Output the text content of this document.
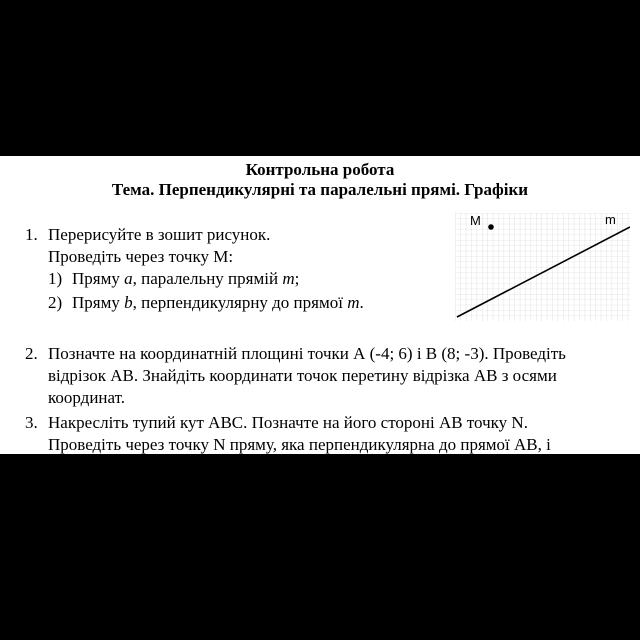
Контрольна робота
Тема. Перпендикулярні та паралельні прямі. Графіки
1. Перерисуйте в зошит рисунок.
Проведіть через точку М:
1) Пряму a, паралельну прямій m;
2) Пряму b, перпендикулярну до прямої m.
M	m
2. Позначте на координатній площині точки А (-4; 6) і В (8; -3). Проведіть
відрізок АВ. Знайдіть координати точок перетину відрізка АВ з осями
координат.
3. Накресліть тупий кут АВС. Позначте на його стороні АВ точку N.
Проведіть через точку N пряму, яка перпендикулярна до прямої АВ, і
пряму, яка перпендикулярна до прямої ВС.
